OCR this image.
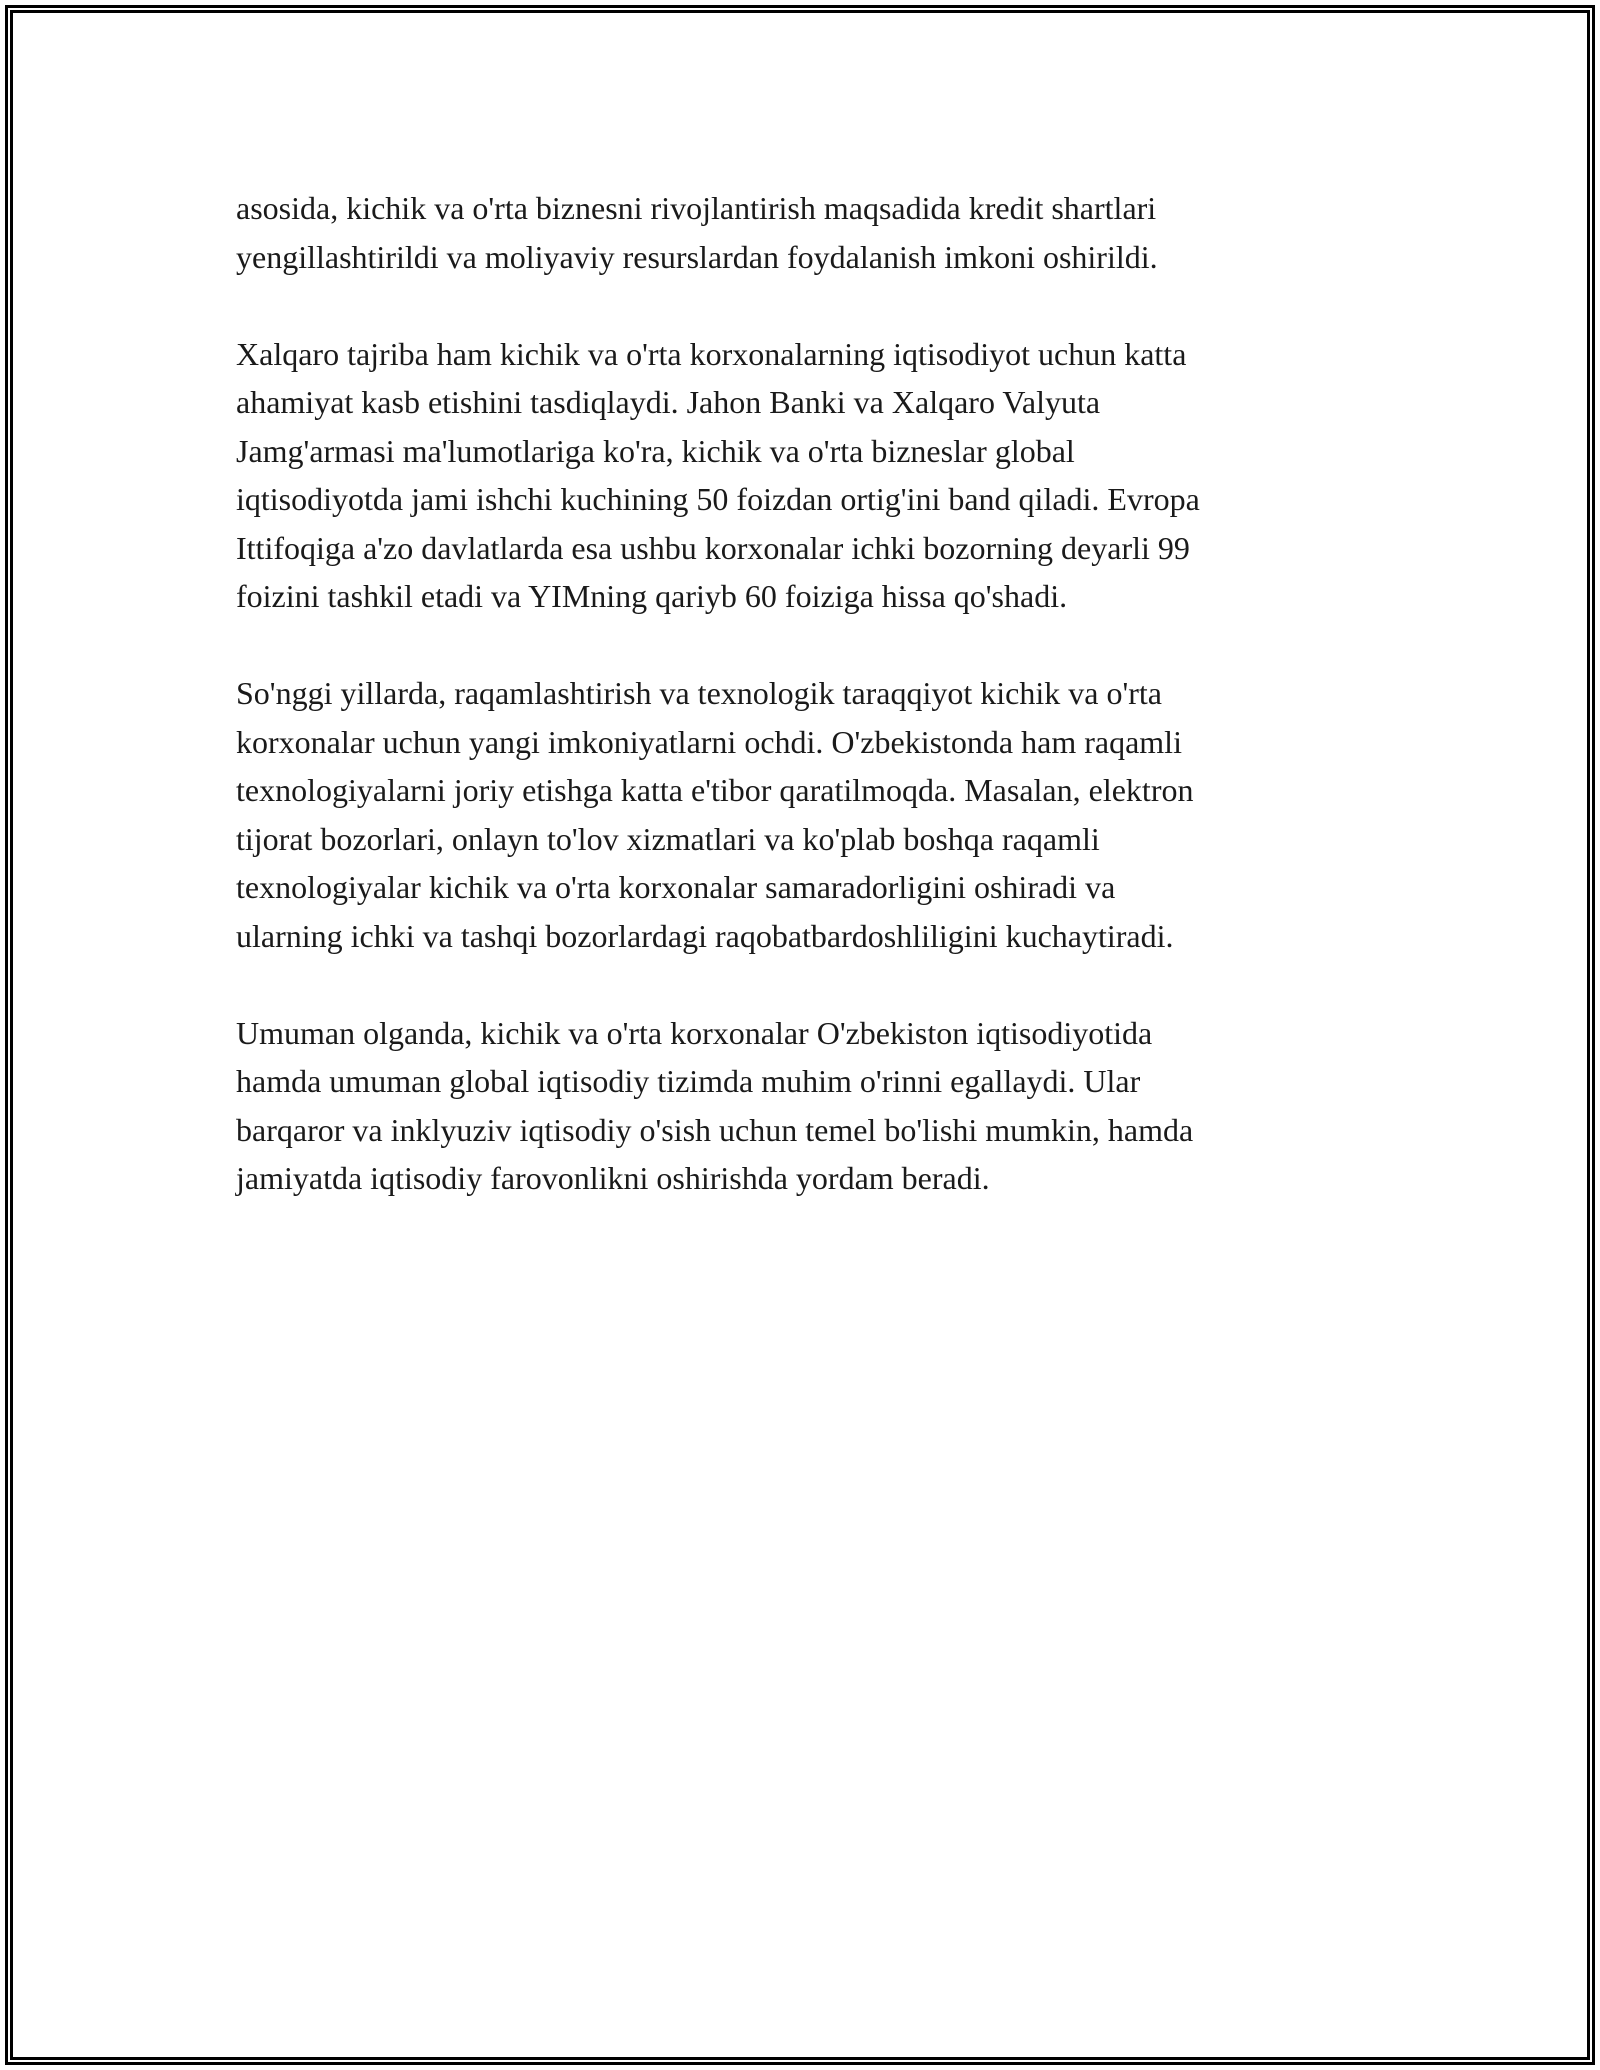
asosida, kichik va o'rta biznesni rivojlantirish maqsadida kredit shartlari
yengillashtirildi va moliyaviy resurslardan foydalanish imkoni oshirildi.

Xalqaro tajriba ham kichik va o'rta korxonalarning iqtisodiyot uchun katta
ahamiyat kasb etishini tasdiqlaydi. Jahon Banki va Xalqaro Valyuta
Jamg'armasi ma'lumotlariga ko'ra, kichik va o'rta bizneslar global
iqtisodiyotda jami ishchi kuchining 50 foizdan ortig'ini band qiladi. Evropa
Ittifoqiga a'zo davlatlarda esa ushbu korxonalar ichki bozorning deyarli 99
foizini tashkil etadi va YIMning qariyb 60 foiziga hissa qo'shadi.

So'nggi yillarda, raqamlashtirish va texnologik taraqqiyot kichik va o'rta
korxonalar uchun yangi imkoniyatlarni ochdi. O'zbekistonda ham raqamli
texnologiyalarni joriy etishga katta e'tibor qaratilmoqda. Masalan, elektron
tijorat bozorlari, onlayn to'lov xizmatlari va ko'plab boshqa raqamli
texnologiyalar kichik va o'rta korxonalar samaradorligini oshiradi va
ularning ichki va tashqi bozorlardagi raqobatbardoshliligini kuchaytiradi.

Umuman olganda, kichik va o'rta korxonalar O'zbekiston iqtisodiyotida
hamda umuman global iqtisodiy tizimda muhim o'rinni egallaydi. Ular
barqaror va inklyuziv iqtisodiy o'sish uchun temel bo'lishi mumkin, hamda
jamiyatda iqtisodiy farovonlikni oshirishda yordam beradi.
